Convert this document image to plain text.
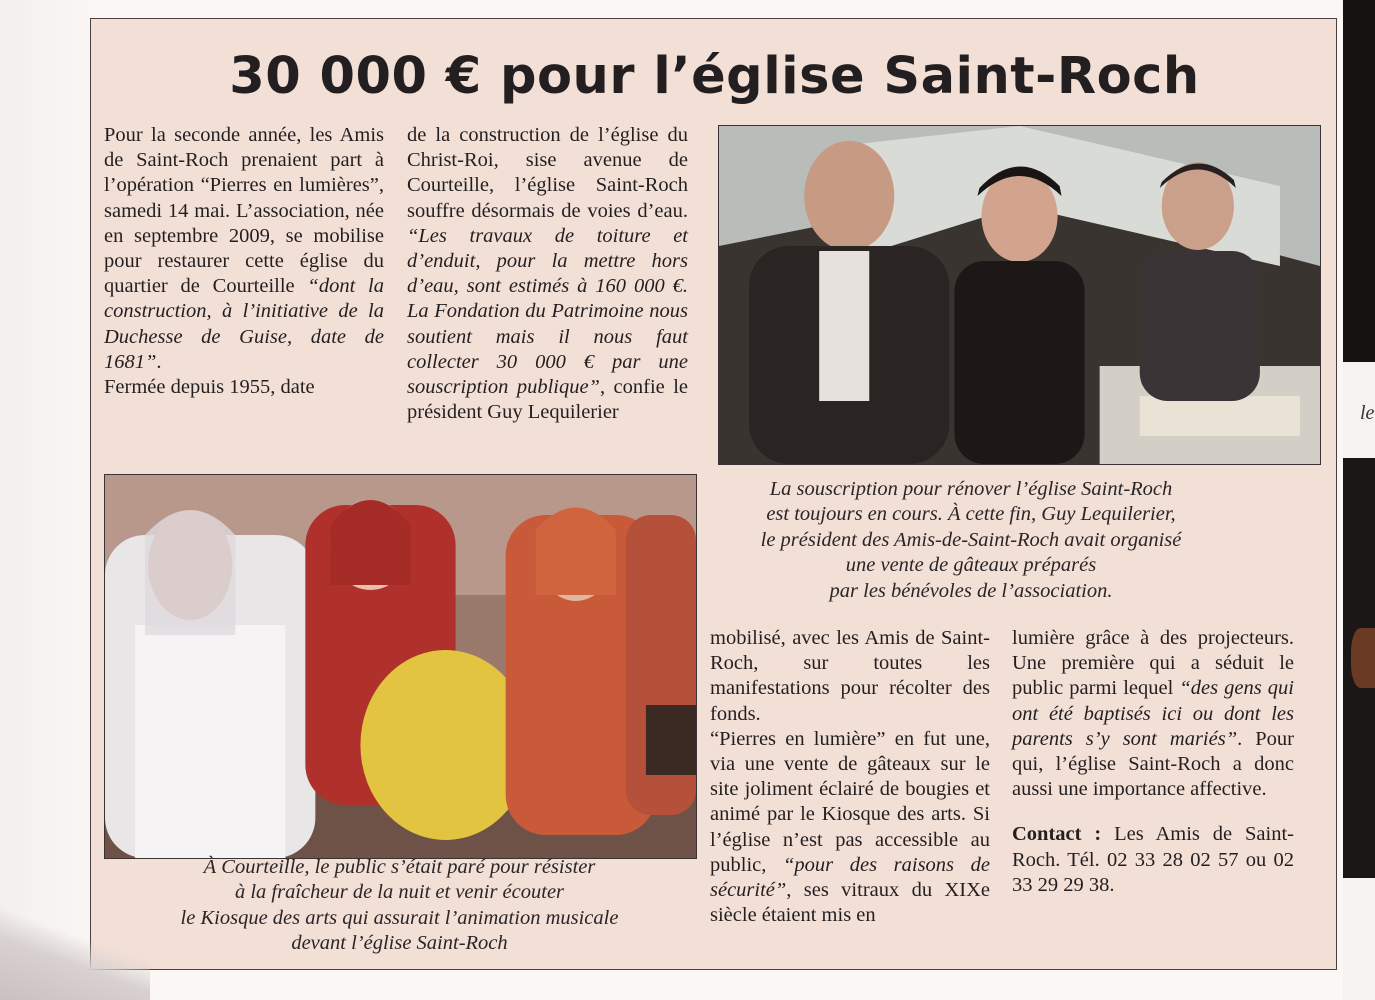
le
30 000 € pour l’église Saint-Roch

Pour la seconde année, les Amis de Saint-Roch prenaient part à l’opération “Pierres en lumières”, samedi 14 mai. L’association, née en septembre 2009, se mobilise pour restaurer cette église du quartier de Courteille “dont la construction, à l’initiative de la Duchesse de Guise, date de 1681”.

Fermée depuis 1955, date

de la construction de l’église du Christ-Roi, sise avenue de Courteille, l’église Saint-Roch souffre désormais de voies d’eau. “Les travaux de toiture et d’enduit, pour la mettre hors d’eau, sont estimés à 160 000 €. La Fondation du Patrimoine nous soutient mais il nous faut collecter 30 000 € par une souscription publique”, confie le président Guy Lequilerier

La souscription pour rénover l’église Saint-Roch
est toujours en cours. À cette fin, Guy Lequilerier,
le président des Amis-de-Saint-Roch avait organisé
une vente de gâteaux préparés
par les bénévoles de l’association.
À Courteille, le public s’était paré pour résister
à la fraîcheur de la nuit et venir écouter
le Kiosque des arts qui assurait l’animation musicale
devant l’église Saint-Roch

mobilisé, avec les Amis de Saint-Roch, sur toutes les manifestations pour récolter des fonds.

“Pierres en lumière” en fut une, via une vente de gâteaux sur le site joliment éclairé de bougies et animé par le Kiosque des arts. Si l’église n’est pas accessible au public, “pour des raisons de sécurité”, ses vitraux du XIXe siècle étaient mis en

lumière grâce à des projecteurs. Une première qui a séduit le public parmi lequel “des gens qui ont été baptisés ici ou dont les parents s’y sont mariés”. Pour qui, l’église Saint-Roch a donc aussi une importance affective.

Contact : Les Amis de Saint-Roch. Tél. 02 33 28 02 57 ou 02 33 29 29 38.
